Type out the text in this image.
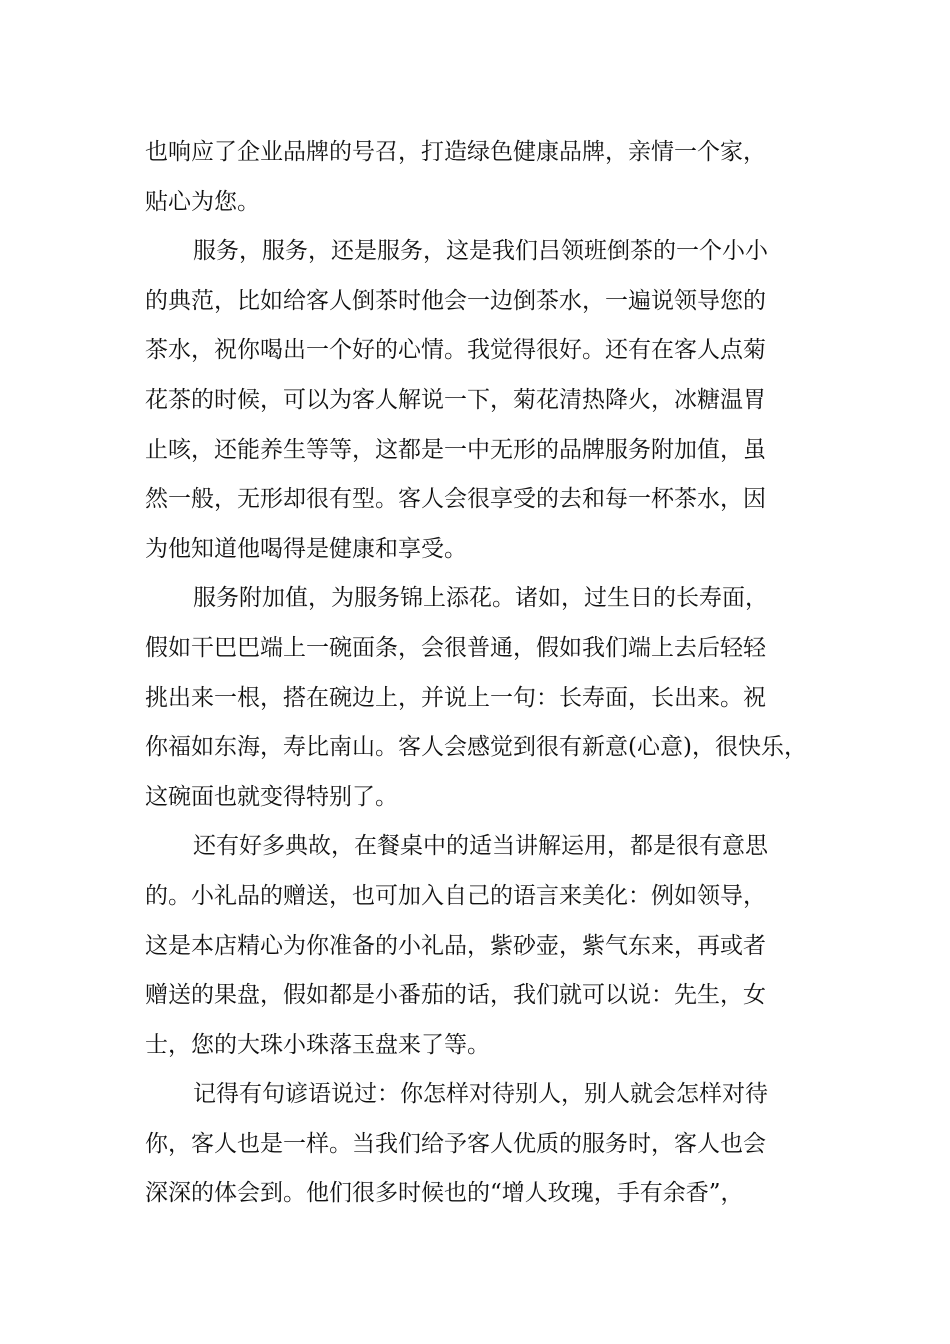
也响应了企业品牌的号召，打造绿色健康品牌，亲情一个家，
贴心为您。
服务，服务，还是服务，这是我们吕领班倒茶的一个小小
的典范，比如给客人倒茶时他会一边倒茶水，一遍说领导您的
茶水，祝你喝出一个好的心情。我觉得很好。还有在客人点菊
花茶的时候，可以为客人解说一下，菊花清热降火，冰糖温胃
止咳，还能养生等等，这都是一中无形的品牌服务附加值，虽
然一般，无形却很有型。客人会很享受的去和每一杯茶水，因
为他知道他喝得是健康和享受。
服务附加值，为服务锦上添花。诸如，过生日的长寿面，
假如干巴巴端上一碗面条，会很普通，假如我们端上去后轻轻
挑出来一根，搭在碗边上，并说上一句：长寿面，长出来。祝
你福如东海，寿比南山。客人会感觉到很有新意(心意)，很快乐，
这碗面也就变得特别了。
还有好多典故，在餐桌中的适当讲解运用，都是很有意思
的。小礼品的赠送，也可加入自己的语言来美化：例如领导，
这是本店精心为你准备的小礼品，紫砂壶，紫气东来，再或者
赠送的果盘，假如都是小番茄的话，我们就可以说：先生，女
士，您的大珠小珠落玉盘来了等。
记得有句谚语说过：你怎样对待别人，别人就会怎样对待
你，客人也是一样。当我们给予客人优质的服务时，客人也会
深深的体会到。他们很多时候也的“增人玫瑰，手有余香”，
